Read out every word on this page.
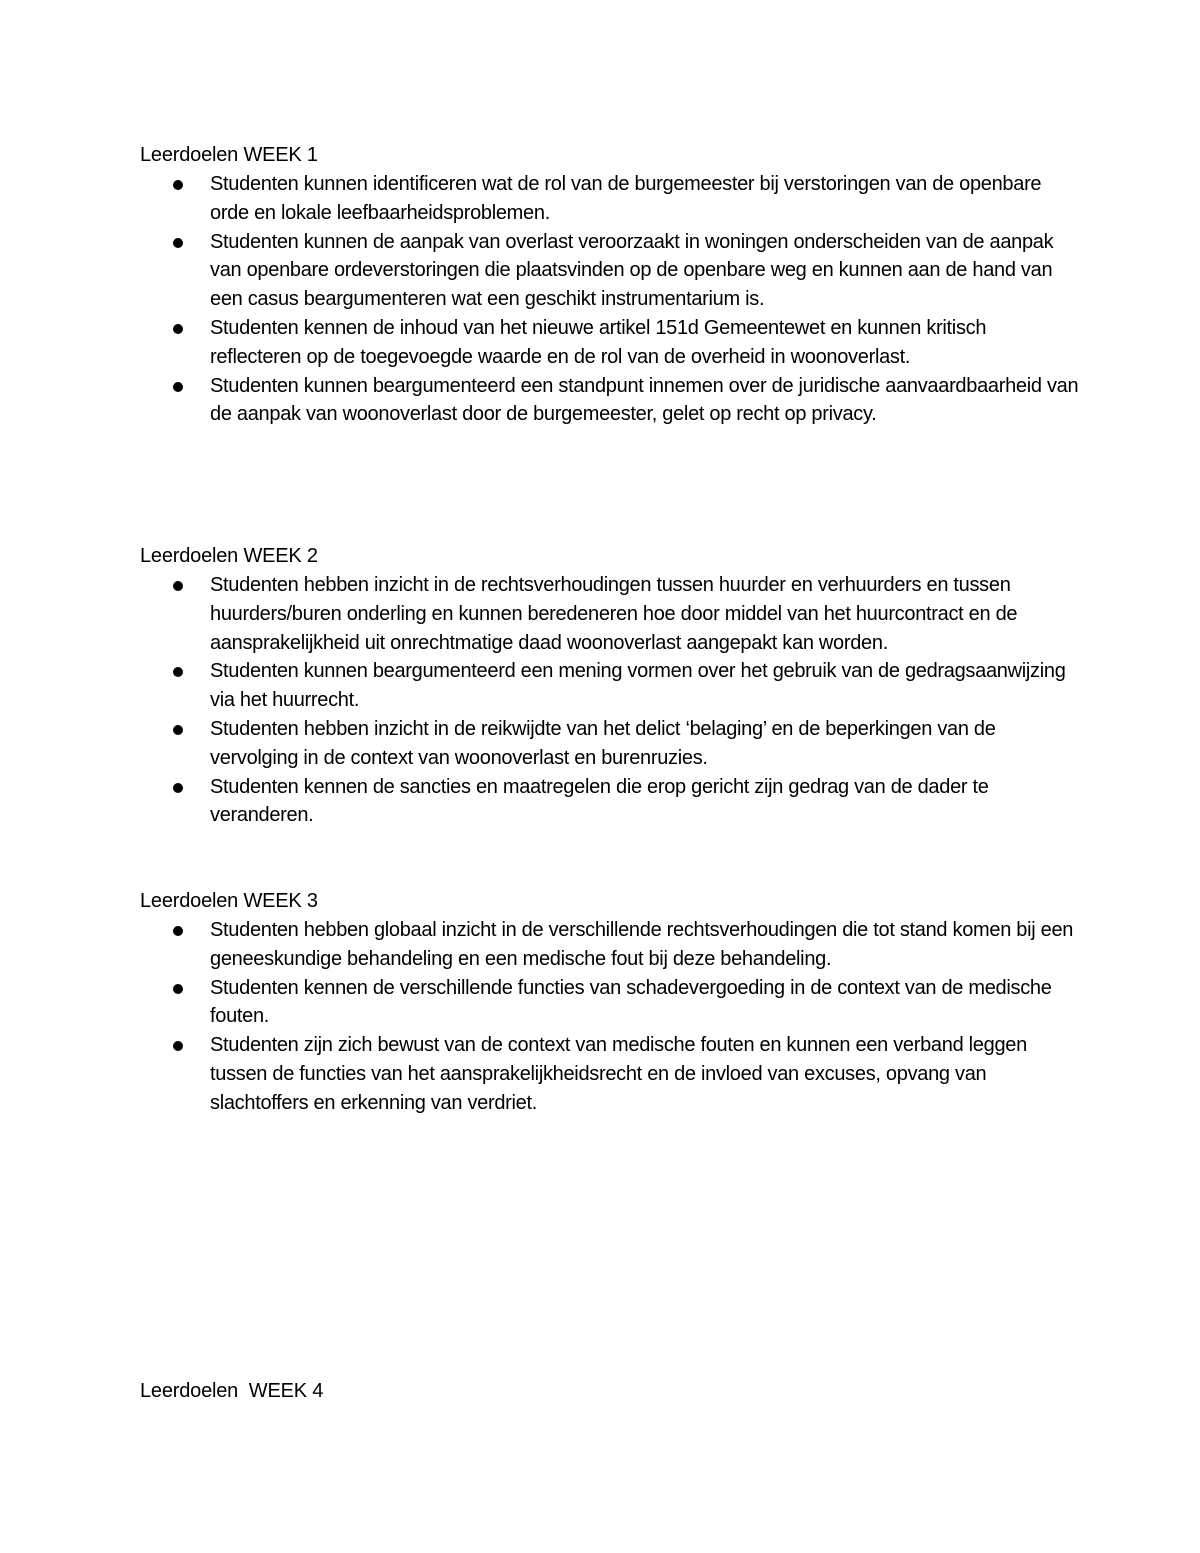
Leerdoelen WEEK 1
Studenten kunnen identificeren wat de rol van de burgemeester bij verstoringen van de openbare orde en lokale leefbaarheidsproblemen.
Studenten kunnen de aanpak van overlast veroorzaakt in woningen onderscheiden van de aanpak van openbare ordeverstoringen die plaatsvinden op de openbare weg en kunnen aan de hand van een casus beargumenteren wat een geschikt instrumentarium is.
Studenten kennen de inhoud van het nieuwe artikel 151d Gemeentewet en kunnen kritisch reflecteren op de toegevoegde waarde en de rol van de overheid in woonoverlast.
Studenten kunnen beargumenteerd een standpunt innemen over de juridische aanvaardbaarheid van de aanpak van woonoverlast door de burgemeester, gelet op recht op privacy.
Leerdoelen WEEK 2
Studenten hebben inzicht in de rechtsverhoudingen tussen huurder en verhuurders en tussen huurders/buren onderling en kunnen beredeneren hoe door middel van het huurcontract en de aansprakelijkheid uit onrechtmatige daad woonoverlast aangepakt kan worden.
Studenten kunnen beargumenteerd een mening vormen over het gebruik van de gedragsaanwijzing via het huurrecht.
Studenten hebben inzicht in de reikwijdte van het delict ‘belaging’ en de beperkingen van de vervolging in de context van woonoverlast en burenruzies.
Studenten kennen de sancties en maatregelen die erop gericht zijn gedrag van de dader te veranderen.
Leerdoelen WEEK 3
Studenten hebben globaal inzicht in de verschillende rechtsverhoudingen die tot stand komen bij een geneeskundige behandeling en een medische fout bij deze behandeling.
Studenten kennen de verschillende functies van schadevergoeding in de context van de medische fouten.
Studenten zijn zich bewust van de context van medische fouten en kunnen een verband leggen tussen de functies van het aansprakelijkheidsrecht en de invloed van excuses, opvang van slachtoffers en erkenning van verdriet.
Leerdoelen  WEEK 4
